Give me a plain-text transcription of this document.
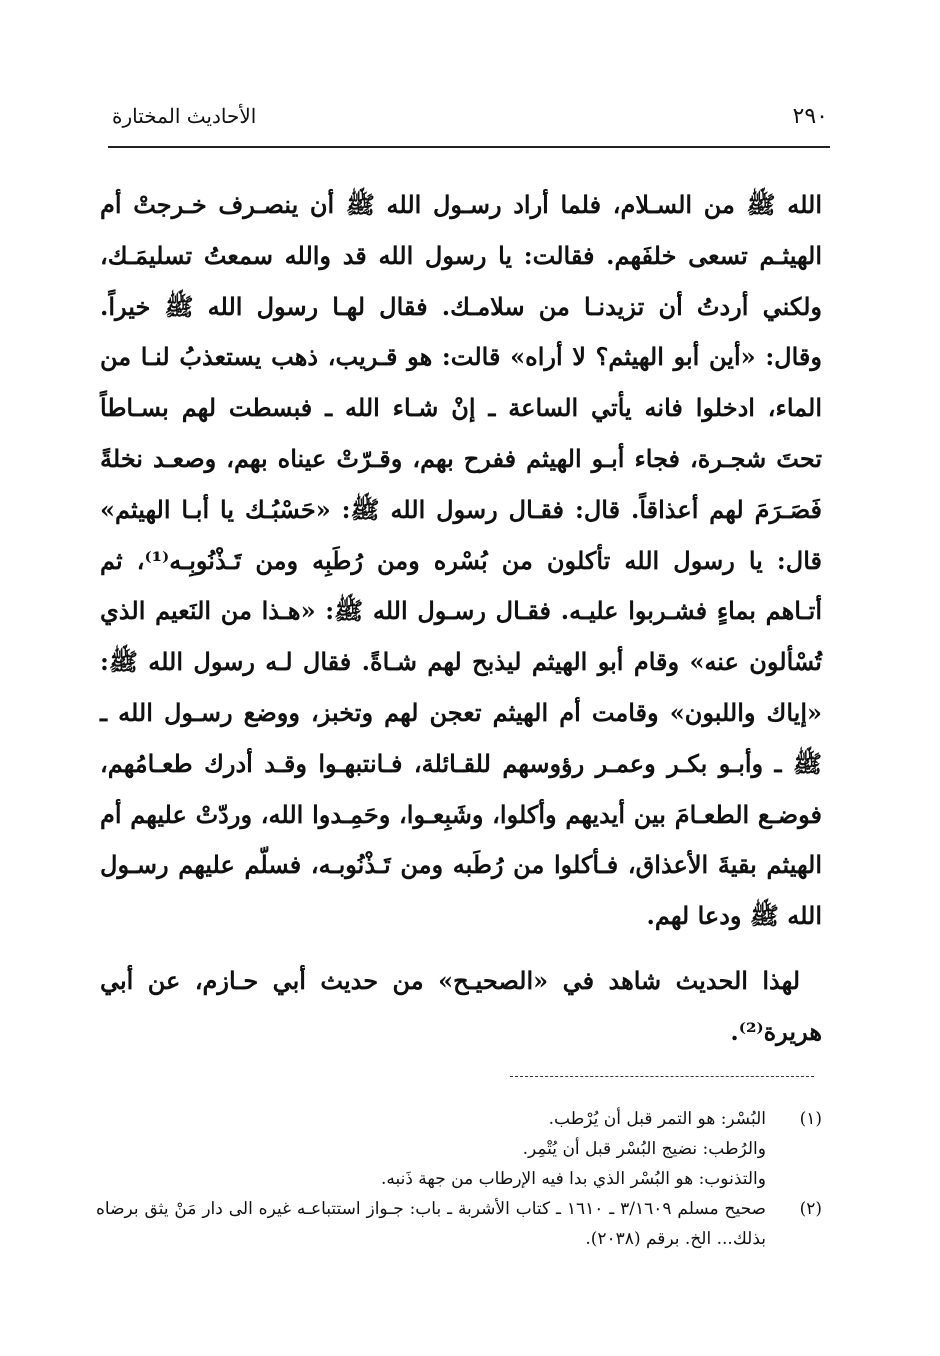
٢٩٠
الأحاديث المختارة

الله ﷺ من السـلام، فلما أراد رسـول الله ﷺ أن ينصـرف خـرجتْ أم الهيثـم تسعى خلفَهم. فقالت: يا رسول الله قد والله سمعتُ تسليمَـك، ولكني أردتُ أن تزيدنـا من سلامـك. فقال لهـا رسول الله ﷺ خيراً. وقال: «أين أبو الهيثم؟ لا أراه» قالت: هو قـريب، ذهب يستعذبُ لنـا من الماء، ادخلوا فانه يأتي الساعة ـ إنْ شـاء الله ـ فبسطت لهم بسـاطاً تحتَ شجـرة، فجاء أبـو الهيثم ففرح بهم، وقـرّتْ عيناه بهم، وصعـد نخلةً فَصَـرَمَ لهم أعذاقاً. قال: فقـال رسول الله ﷺ: «حَسْبُـك يا أبـا الهيثم» قال: يا رسول الله تأكلون من بُسْره ومن رُطَبِه ومن تَـذْنُوبِـه⁽¹⁾، ثم أتـاهم بماءٍ فشـربوا عليـه. فقـال رسـول الله ﷺ: «هـذا من النَعيم الذي تُسْألون عنه» وقام أبو الهيثم ليذبح لهم شـاةً. فقال لـه رسول الله ﷺ: «إياك واللبون» وقامت أم الهيثم تعجن لهم وتخبز، ووضع رسـول الله ـ ﷺ ـ وأبـو بكـر وعمـر رؤوسهم للقـائلة، فـانتبهـوا وقـد أدرك طعـامُهم، فوضـع الطعـامَ بين أيديهم وأكلوا، وشَبِعـوا، وحَمِـدوا الله، وردّتْ عليهم أم الهيثم بقيةَ الأعذاق، فـأكلوا من رُطَبه ومن تَـذْنُوبـه، فسلّم عليهم رسـول الله ﷺ ودعا لهم.

لهذا الحديث شاهد في «الصحيـح» من حديث أبي حـازم، عن أبي هريرة⁽²⁾.

(١)
البُسْر: هو التمر قبل أن يُرْطب.
والرُطب: نضيج البُسْر قبل أن يُتْمِر.
والتذنوب: هو البُسْر الذي بدا فيه الإرطاب من جهة ذَنبه.
(٢)
صحيح مسلم ٣/١٦٠٩ ـ ١٦١٠ ـ كتاب الأشربة ـ باب: جـواز استتباعـه غيره الى دار مَنْ يثق برضاه بذلك... الخ. برقم (٢٠٣٨).
